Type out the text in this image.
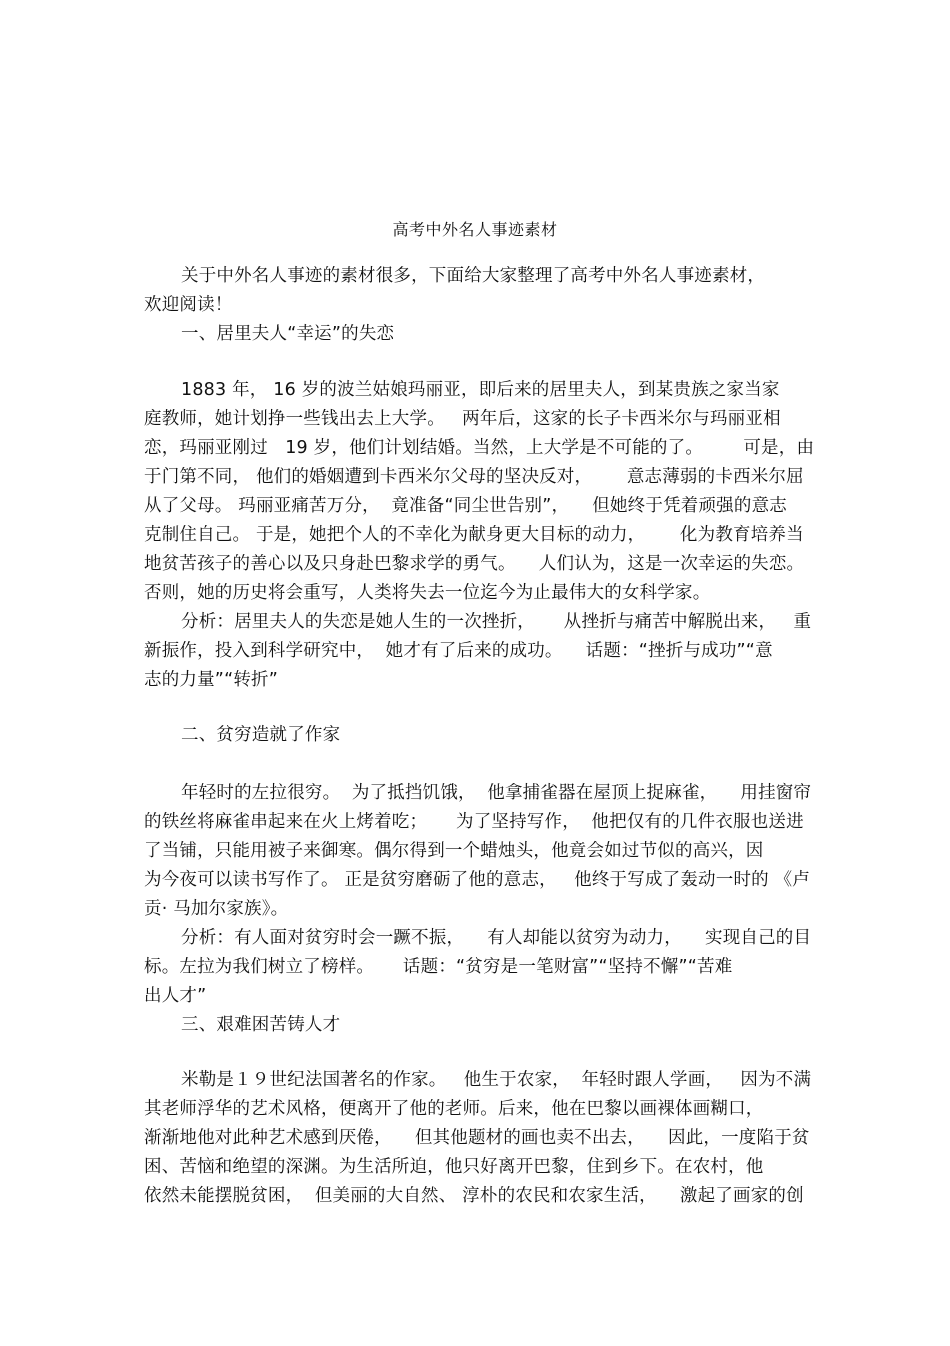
高考中外名人事迹素材
关于中外名人事迹的素材很多，下面给大家整理了高考中外名人事迹素材，
欢迎阅读！
一、居里夫人“幸运”的失恋
1883 年， 16 岁的波兰姑娘玛丽亚，即后来的居里夫人，到某贵族之家当家
庭教师，她计划挣一些钱出去上大学。   两年后，这家的长子卡西米尔与玛丽亚相
恋，玛丽亚刚过   19 岁，他们计划结婚。当然，上大学是不可能的了。       可是，由
于门第不同， 他们的婚姻遭到卡西米尔父母的坚决反对，      意志薄弱的卡西米尔屈
从了父母。 玛丽亚痛苦万分，  竟准备“同尘世告别”，    但她终于凭着顽强的意志
克制住自己。 于是，她把个人的不幸化为献身更大目标的动力，      化为教育培养当
地贫苦孩子的善心以及只身赴巴黎求学的勇气。    人们认为，这是一次幸运的失恋。
否则，她的历史将会重写，人类将失去一位迄今为止最伟大的女科学家。
分析：居里夫人的失恋是她人生的一次挫折，     从挫折与痛苦中解脱出来，   重
新振作，投入到科学研究中，  她才有了后来的成功。    话题：“挫折与成功”“意
志的力量”“转折”
二、贫穷造就了作家
年轻时的左拉很穷。  为了抵挡饥饿，  他拿捕雀器在屋顶上捉麻雀，    用挂窗帘
的铁丝将麻雀串起来在火上烤着吃；     为了坚持写作，  他把仅有的几件衣服也送进
了当铺，只能用被子来御寒。偶尔得到一个蜡烛头，他竟会如过节似的高兴，因
为今夜可以读书写作了。 正是贫穷磨砺了他的意志，   他终于写成了轰动一时的 《卢
贡· 马加尔家族》。
分析：有人面对贫穷时会一蹶不振，    有人却能以贫穷为动力，    实现自己的目
标。左拉为我们树立了榜样。     话题：“贫穷是一笔财富”“坚持不懈”“苦难
出人才”
三、艰难困苦铸人才
米勒是１９世纪法国著名的作家。   他生于农家，  年轻时跟人学画，   因为不满
其老师浮华的艺术风格，便离开了他的老师。后来，他在巴黎以画裸体画糊口，
渐渐地他对此种艺术感到厌倦，    但其他题材的画也卖不出去，    因此，一度陷于贫
困、苦恼和绝望的深渊。为生活所迫，他只好离开巴黎，住到乡下。在农村，他
依然未能摆脱贫困，  但美丽的大自然、 淳朴的农民和农家生活，    激起了画家的创
